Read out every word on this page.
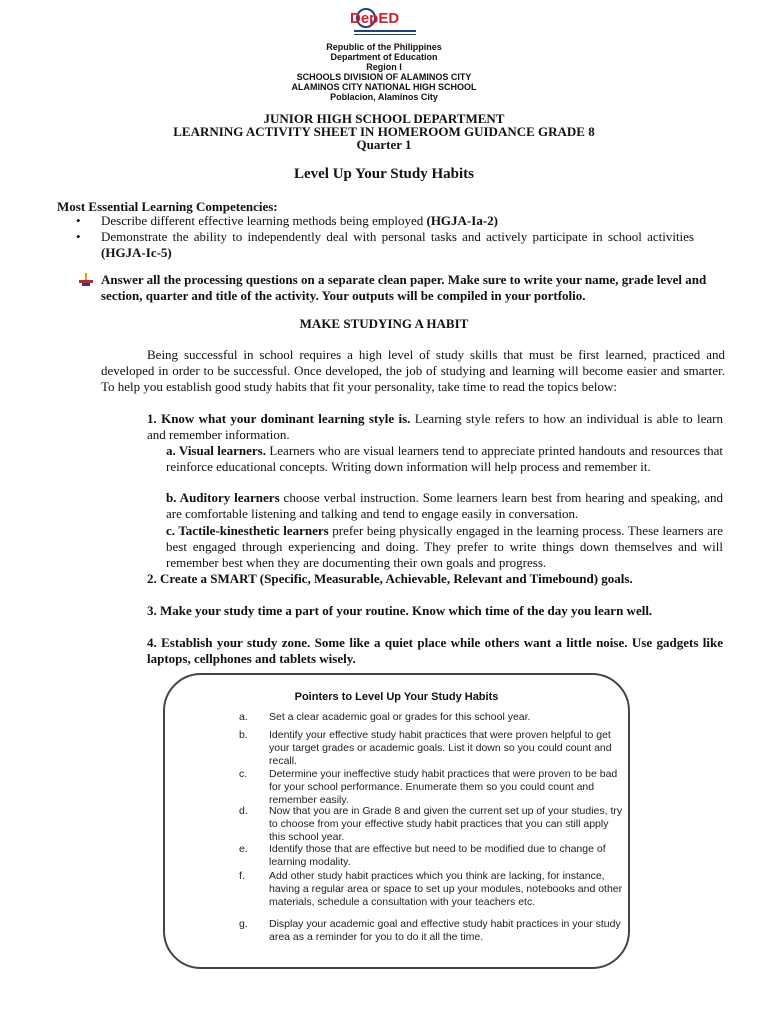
DepED
Republic of the Philippines
Department of Education
Region I
SCHOOLS DIVISION OF ALAMINOS CITY
ALAMINOS CITY NATIONAL HIGH SCHOOL
Poblacion, Alaminos City
JUNIOR HIGH SCHOOL DEPARTMENT
LEARNING ACTIVITY SHEET IN HOMEROOM GUIDANCE GRADE 8
Quarter 1
Level Up Your Study Habits
Most Essential Learning Competencies:
• Describe different effective learning methods being employed (HGJA-Ia-2)
• Demonstrate the ability to independently deal with personal tasks and actively participate in school activities (HGJA-Ic-5)
Answer all the processing questions on a separate clean paper. Make sure to write your name, grade level and section, quarter and title of the activity. Your outputs will be compiled in your portfolio.
MAKE STUDYING A HABIT
Being successful in school requires a high level of study skills that must be first learned, practiced and developed in order to be successful. Once developed, the job of studying and learning will become easier and smarter. To help you establish good study habits that fit your personality, take time to read the topics below:
1. Know what your dominant learning style is. Learning style refers to how an individual is able to learn and remember information.
a. Visual learners. Learners who are visual learners tend to appreciate printed handouts and resources that reinforce educational concepts. Writing down information will help process and remember it.
b. Auditory learners choose verbal instruction. Some learners learn best from hearing and speaking, and are comfortable listening and talking and tend to engage easily in conversation.
c. Tactile-kinesthetic learners prefer being physically engaged in the learning process. These learners are best engaged through experiencing and doing. They prefer to write things down themselves and will remember best when they are documenting their own goals and progress.
2. Create a SMART (Specific, Measurable, Achievable, Relevant and Timebound) goals.
3. Make your study time a part of your routine. Know which time of the day you learn well.
4. Establish your study zone. Some like a quiet place while others want a little noise. Use gadgets like laptops, cellphones and tablets wisely.
Pointers to Level Up Your Study Habits
a. Set a clear academic goal or grades for this school year.
b. Identify your effective study habit practices that were proven helpful to get your target grades or academic goals. List it down so you could count and recall.
c. Determine your ineffective study habit practices that were proven to be bad for your school performance. Enumerate them so you could count and remember easily.
d. Now that you are in Grade 8 and given the current set up of your studies, try to choose from your effective study habit practices that you can still apply this school year.
e. Identify those that are effective but need to be modified due to change of learning modality.
f. Add other study habit practices which you think are lacking, for instance, having a regular area or space to set up your modules, notebooks and other materials, schedule a consultation with your teachers etc.
g. Display your academic goal and effective study habit practices in your study area as a reminder for you to do it all the time.
